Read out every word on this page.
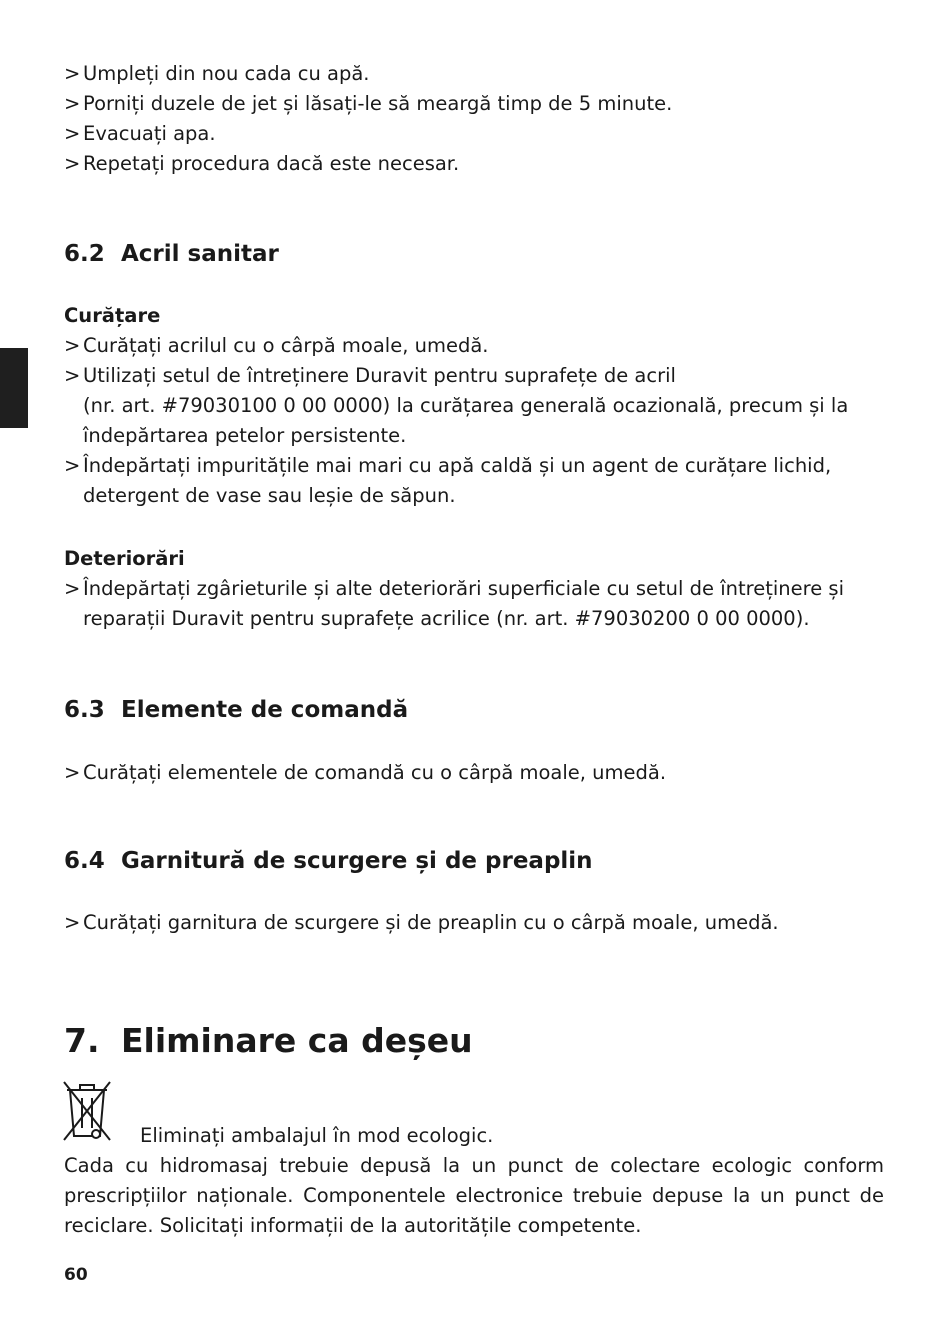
> Umpleți din nou cada cu apă.
> Porniți duzele de jet și lăsați-le să meargă timp de 5 minute.
> Evacuați apa.
> Repetați procedura dacă este necesar.
6.2 Acril sanitar
Curățare
> Curățați acrilul cu o cârpă moale, umedă.
> Utilizați setul de întreținere Duravit pentru suprafețe de acril
(nr. art. #79030100 0 00 0000) la curățarea generală ocazională, precum și la
îndepărtarea petelor persistente.
> Îndepărtați impuritățile mai mari cu apă caldă și un agent de curățare lichid,
detergent de vase sau leșie de săpun.
Deteriorări
> Îndepărtați zgârieturile și alte deteriorări superficiale cu setul de întreținere și
reparații Duravit pentru suprafețe acrilice (nr. art. #79030200 0 00 0000).
6.3 Elemente de comandă
> Curățați elementele de comandă cu o cârpă moale, umedă.
6.4 Garnitură de scurgere și de preaplin
> Curățați garnitura de scurgere și de preaplin cu o cârpă moale, umedă.
7. Eliminare ca deșeu
Eliminați ambalajul în mod ecologic.
Cada cu hidromasaj trebuie depusă la un punct de colectare ecologic conform prescripțiilor naționale. Componentele electronice trebuie depuse la un punct de reciclare. Solicitați informații de la autoritățile competente.
60
